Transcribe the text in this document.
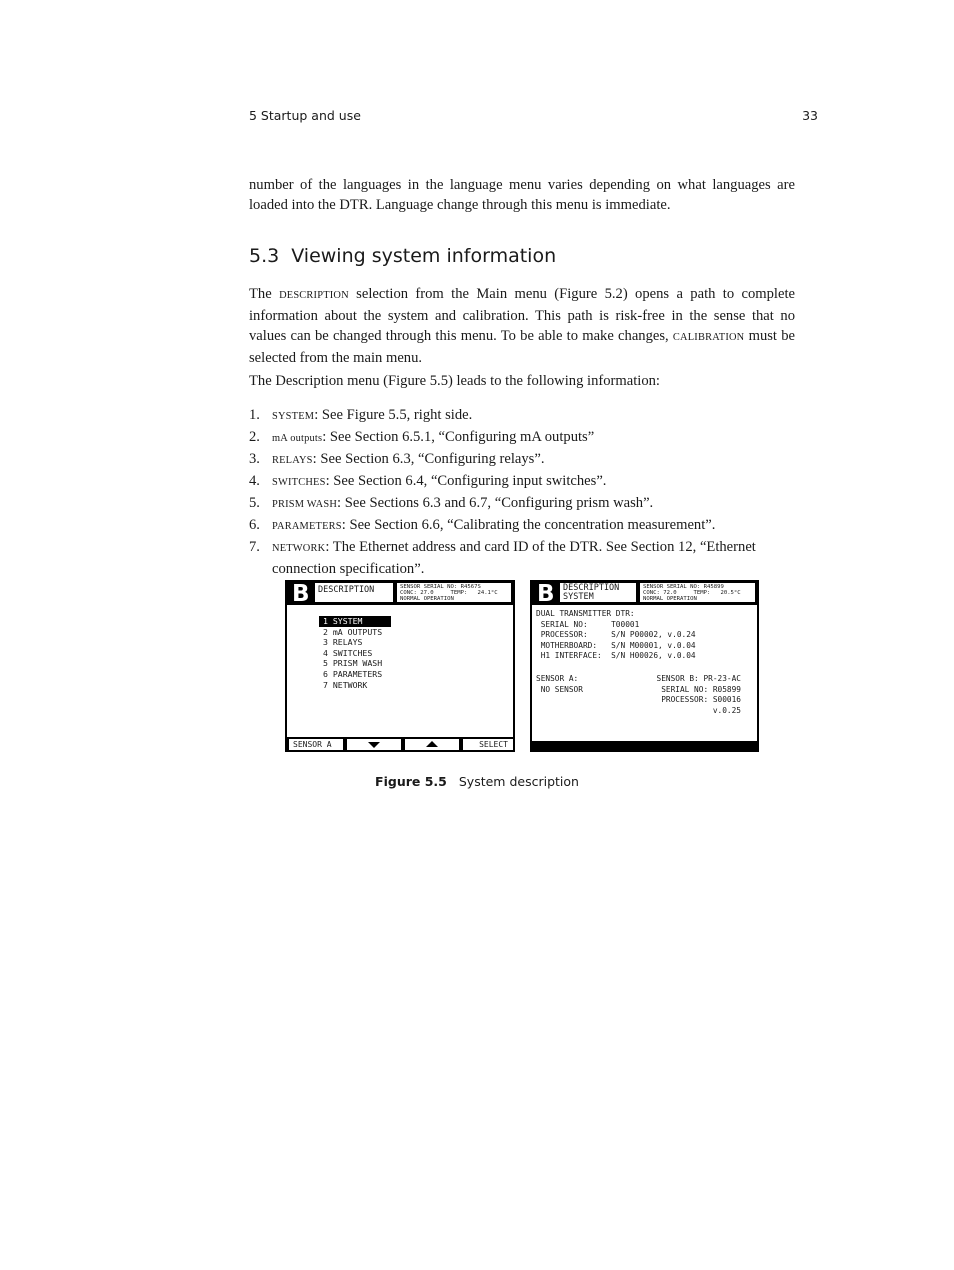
5 Startup and use	33

number of the languages in the language menu varies depending on what languages are loaded into the DTR. Language change through this menu is immediate.

5.3 Viewing system information

The DESCRIPTION selection from the Main menu (Figure 5.2) opens a path to complete information about the system and calibration. This path is risk-free in the sense that no values can be changed through this menu. To be able to make changes, CALIBRATION must be selected from the main menu.

The Description menu (Figure 5.5) leads to the following information:

1. SYSTEM: See Figure 5.5, right side.
2. mA outputs: See Section 6.5.1, “Configuring mA outputs”
3. RELAYS: See Section 6.3, “Configuring relays”.
4. SWITCHES: See Section 6.4, “Configuring input switches”.
5. PRISM WASH: See Sections 6.3 and 6.7, “Configuring prism wash”.
6. PARAMETERS: See Section 6.6, “Calibrating the concentration measurement”.
7. NETWORK: The Ethernet address and card ID of the DTR. See Section 12, “Ethernet connection specification”.
B DESCRIPTION	SENSOR SERIAL NO: R4567S
CONC: 27.0     TEMP:   24.1°C
NORMAL OPERATION
1 SYSTEM
2 mA OUTPUTS
3 RELAYS
4 SWITCHES
5 PRISM WASH
6 PARAMETERS
7 NETWORK
SENSOR A	SELECT
B DESCRIPTION
SYSTEM
SENSOR SERIAL NO: R45899
CONC: 72.0     TEMP:   20.5°C
NORMAL OPERATION
DUAL TRANSMITTER DTR:
SERIAL NO:     T00001
PROCESSOR:     S/N P00002, v.0.24
MOTHERBOARD:   S/N M00001, v.0.04
H1 INTERFACE:  S/N H00026, v.0.04
SENSOR A:
NO SENSOR
SENSOR B: PR-23-AC
SERIAL NO: R05899
PROCESSOR: S00016
v.0.25
Figure 5.5 System description
